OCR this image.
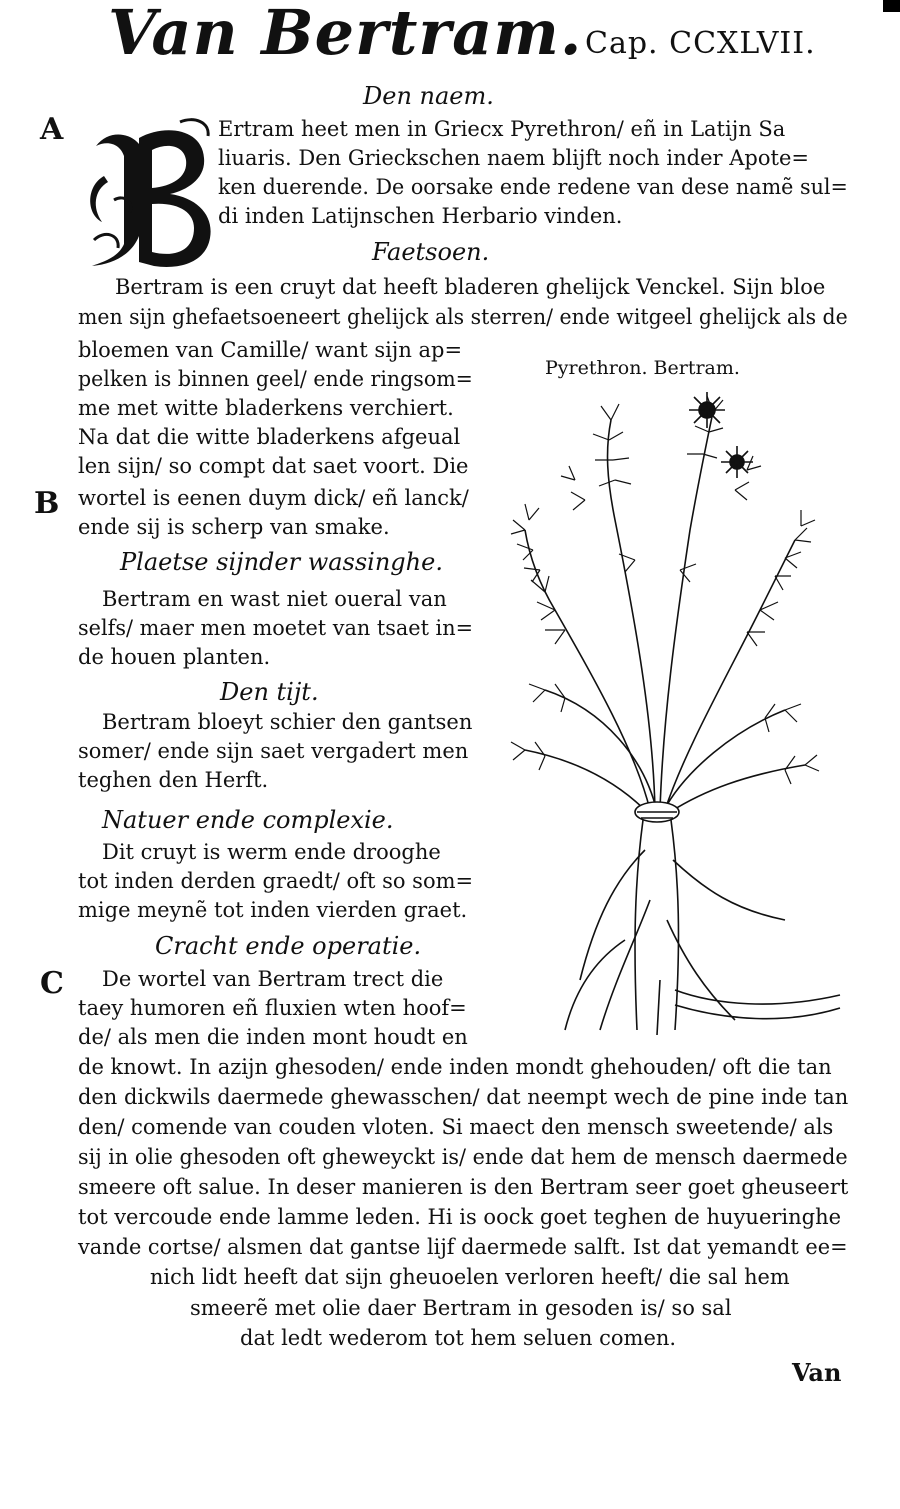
Van Bertram. Cap. CCXLVII.
Den naem.
A	Ertram heet men in Griecx Pyrethron/ eñ in Latijn Sa
liuaris. Den Grieckschen naem blijft noch inder Apote=
ken duerende. De oorsake ende redene van dese namẽ sul=
di inden Latijnschen Herbario vinden.
Faetsoen.
Bertram is een cruyt dat heeft bladeren ghelijck Venckel. Sijn bloe
men sijn ghefaetsoeneert ghelijck als sterren/ ende witgeel ghelijck als de
bloemen van Camille/ want sijn ap=
pelken is binnen geel/ ende ringsom=
me met witte bladerkens verchiert.
Na dat die witte bladerkens afgeual
len sijn/ so compt dat saet voort. Die
B wortel is eenen duym dick/ eñ lanck/
ende sij is scherp van smake.
Plaetse sijnder wassinghe.
Bertram en wast niet oueral van
selfs/ maer men moetet van tsaet in=
de houen planten.
Den tijt.
Bertram bloeyt schier den gantsen
somer/ ende sijn saet vergadert men
teghen den Herft.
Natuer ende complexie.
Dit cruyt is werm ende drooghe
tot inden derden graedt/ oft so som=
mige meynẽ tot inden vierden graet.
Cracht ende operatie.
C De wortel van Bertram trect die
taey humoren eñ fluxien wten hoof=
de/ als men die inden mont houdt en
de knowt. In azijn ghesoden/ ende inden mondt ghehouden/ oft die tan
den dickwils daermede ghewasschen/ dat neempt wech de pine inde tan
den/ comende van couden vloten. Si maect den mensch sweetende/ als
sij in olie ghesoden oft gheweyckt is/ ende dat hem de mensch daermede
smeere oft salue. In deser manieren is den Bertram seer goet gheuseert
tot vercoude ende lamme leden. Hi is oock goet teghen de huyueringhe
vande cortse/ alsmen dat gantse lijf daermede salft. Ist dat yemandt ee=
nich lidt heeft dat sijn gheuoelen verloren heeft/ die sal hem
smeerẽ met olie daer Bertram in gesoden is/ so sal
dat ledt wederom tot hem seluen comen.
Pyrethron. Bertram.
Van
